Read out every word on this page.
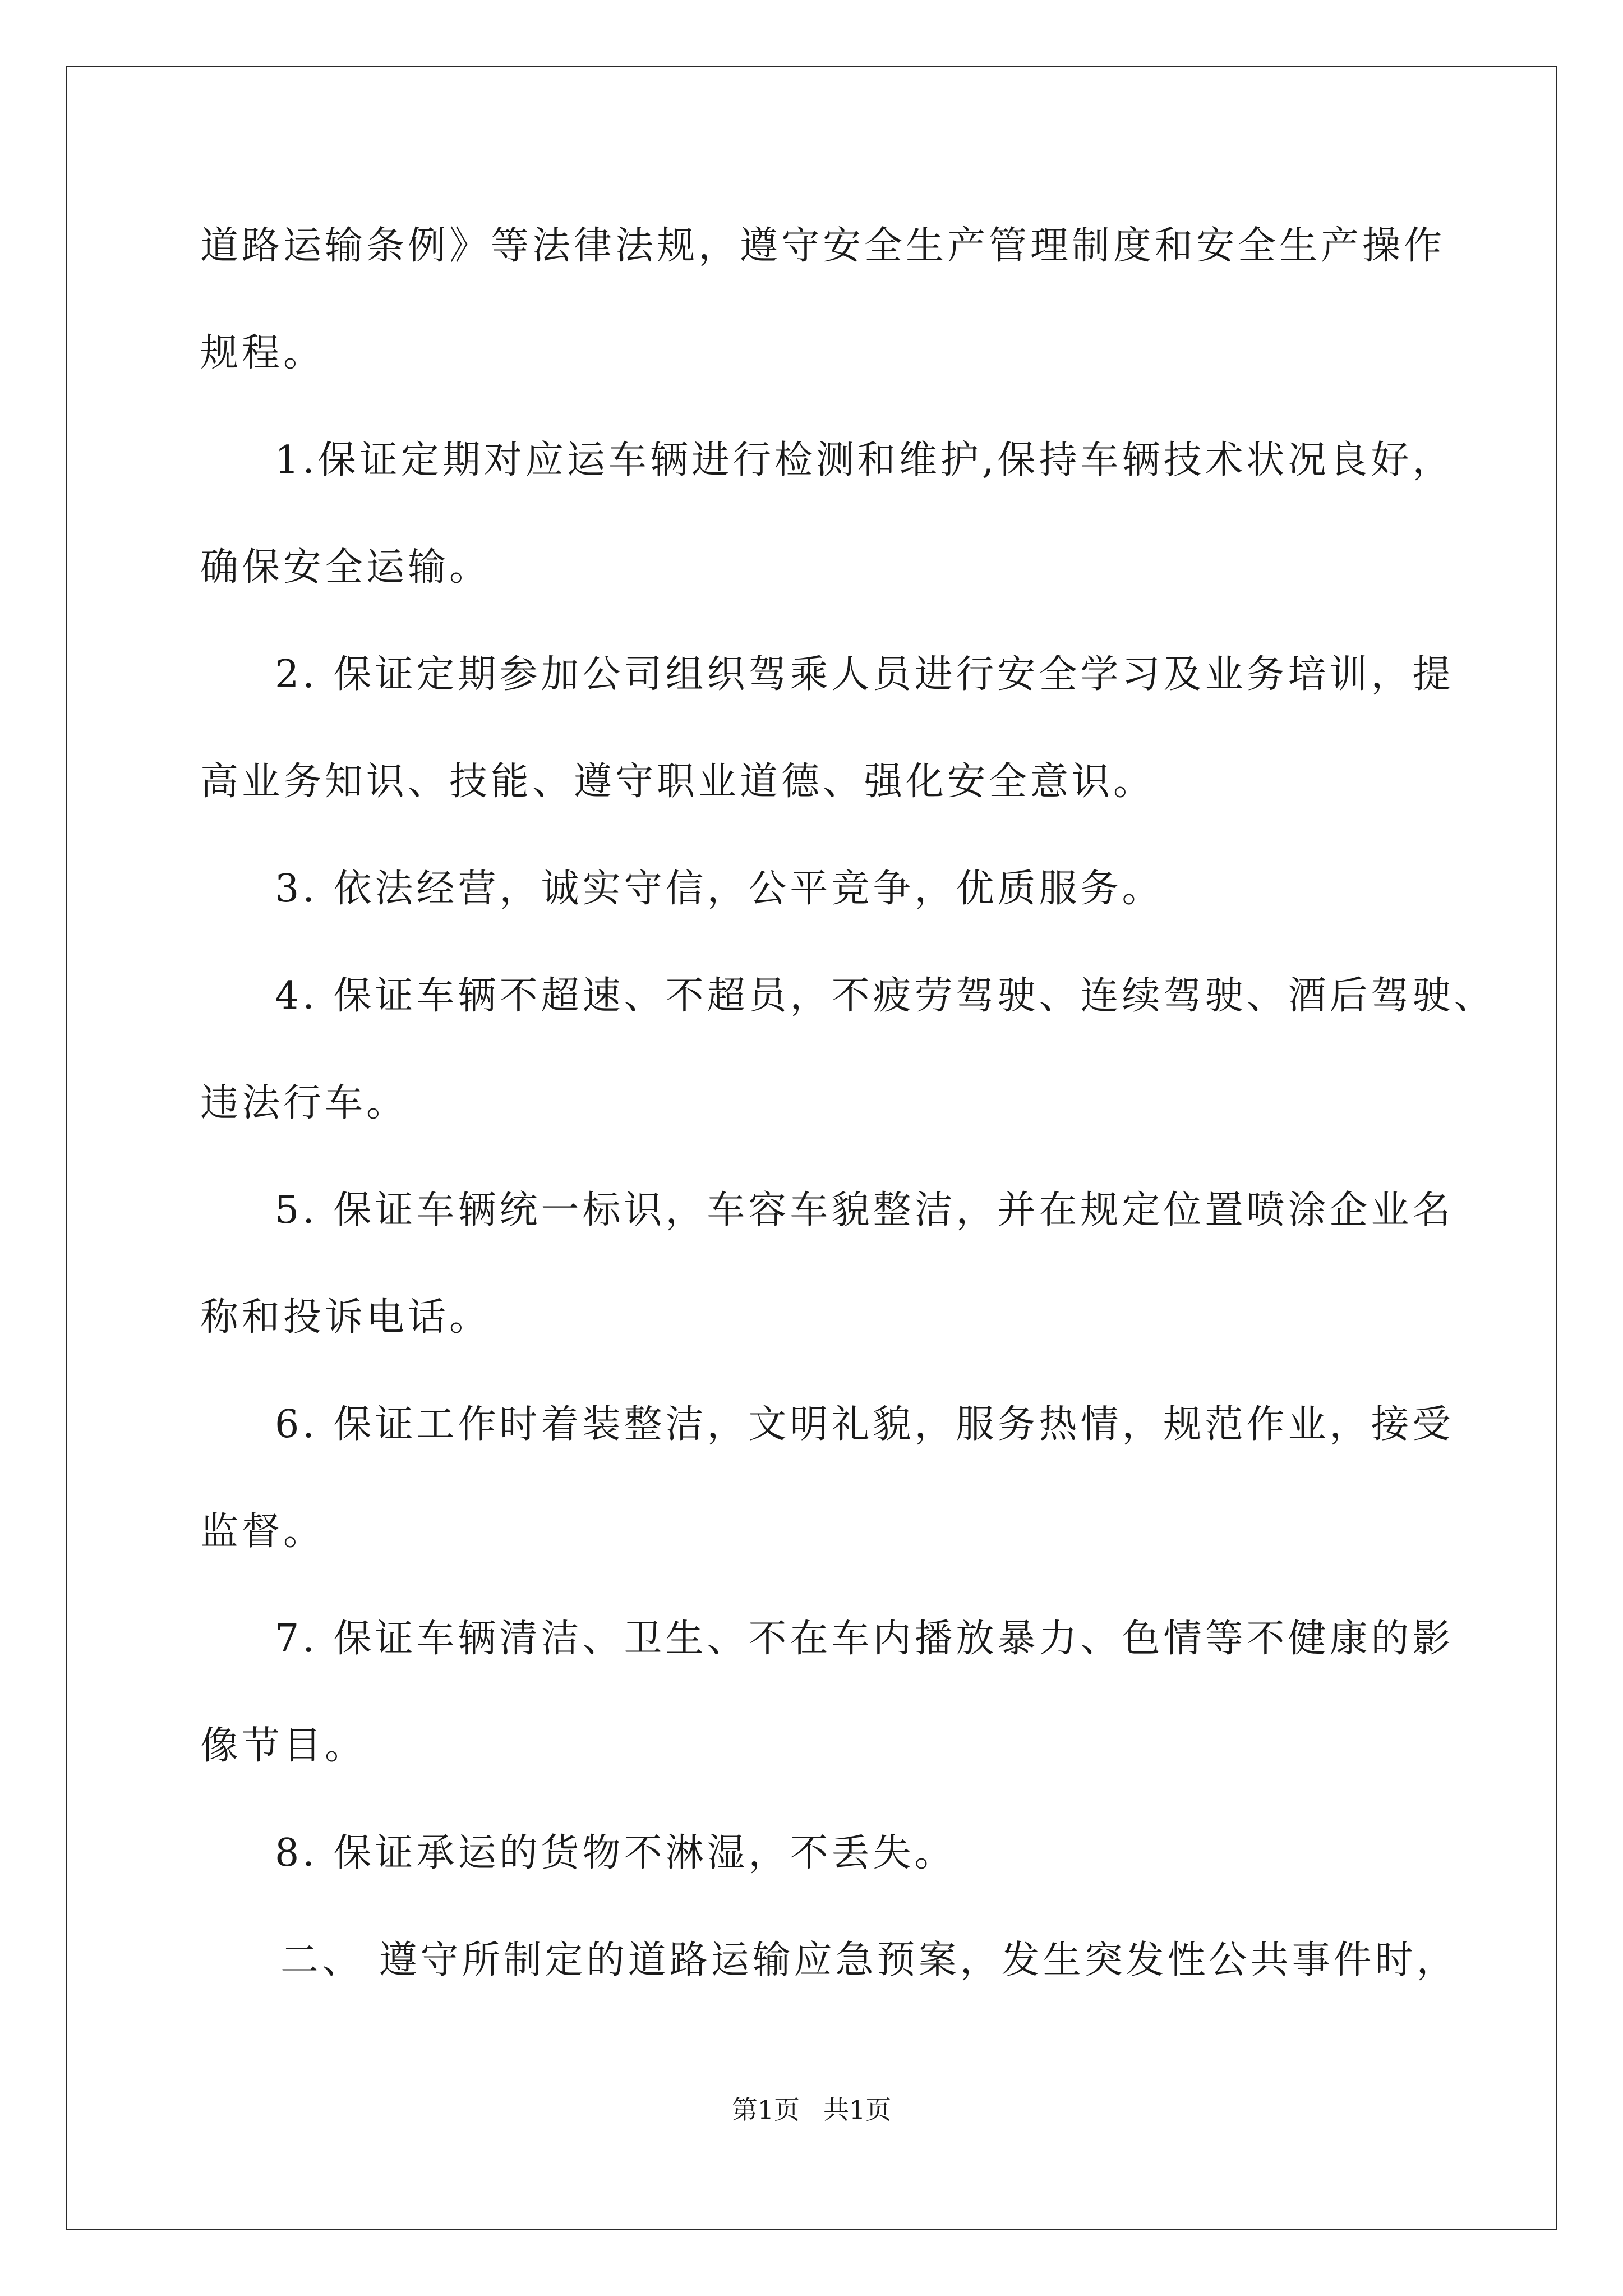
道路运输条例》等法律法规，遵守安全生产管理制度和安全生产操作
规程。
1.保证定期对应运车辆进行检测和维护,保持车辆技术状况良好，
确保安全运输。
2. 保证定期参加公司组织驾乘人员进行安全学习及业务培训，提
高业务知识、技能、遵守职业道德、强化安全意识。
3. 依法经营，诚实守信，公平竞争，优质服务。
4. 保证车辆不超速、不超员，不疲劳驾驶、连续驾驶、酒后驾驶、
违法行车。
5. 保证车辆统一标识，车容车貌整洁，并在规定位置喷涂企业名
称和投诉电话。
6. 保证工作时着装整洁，文明礼貌，服务热情，规范作业，接受
监督。
7. 保证车辆清洁、卫生、不在车内播放暴力、色情等不健康的影
像节目。
8. 保证承运的货物不淋湿，不丢失。
二、 遵守所制定的道路运输应急预案，发生突发性公共事件时，
第1页 共1页
